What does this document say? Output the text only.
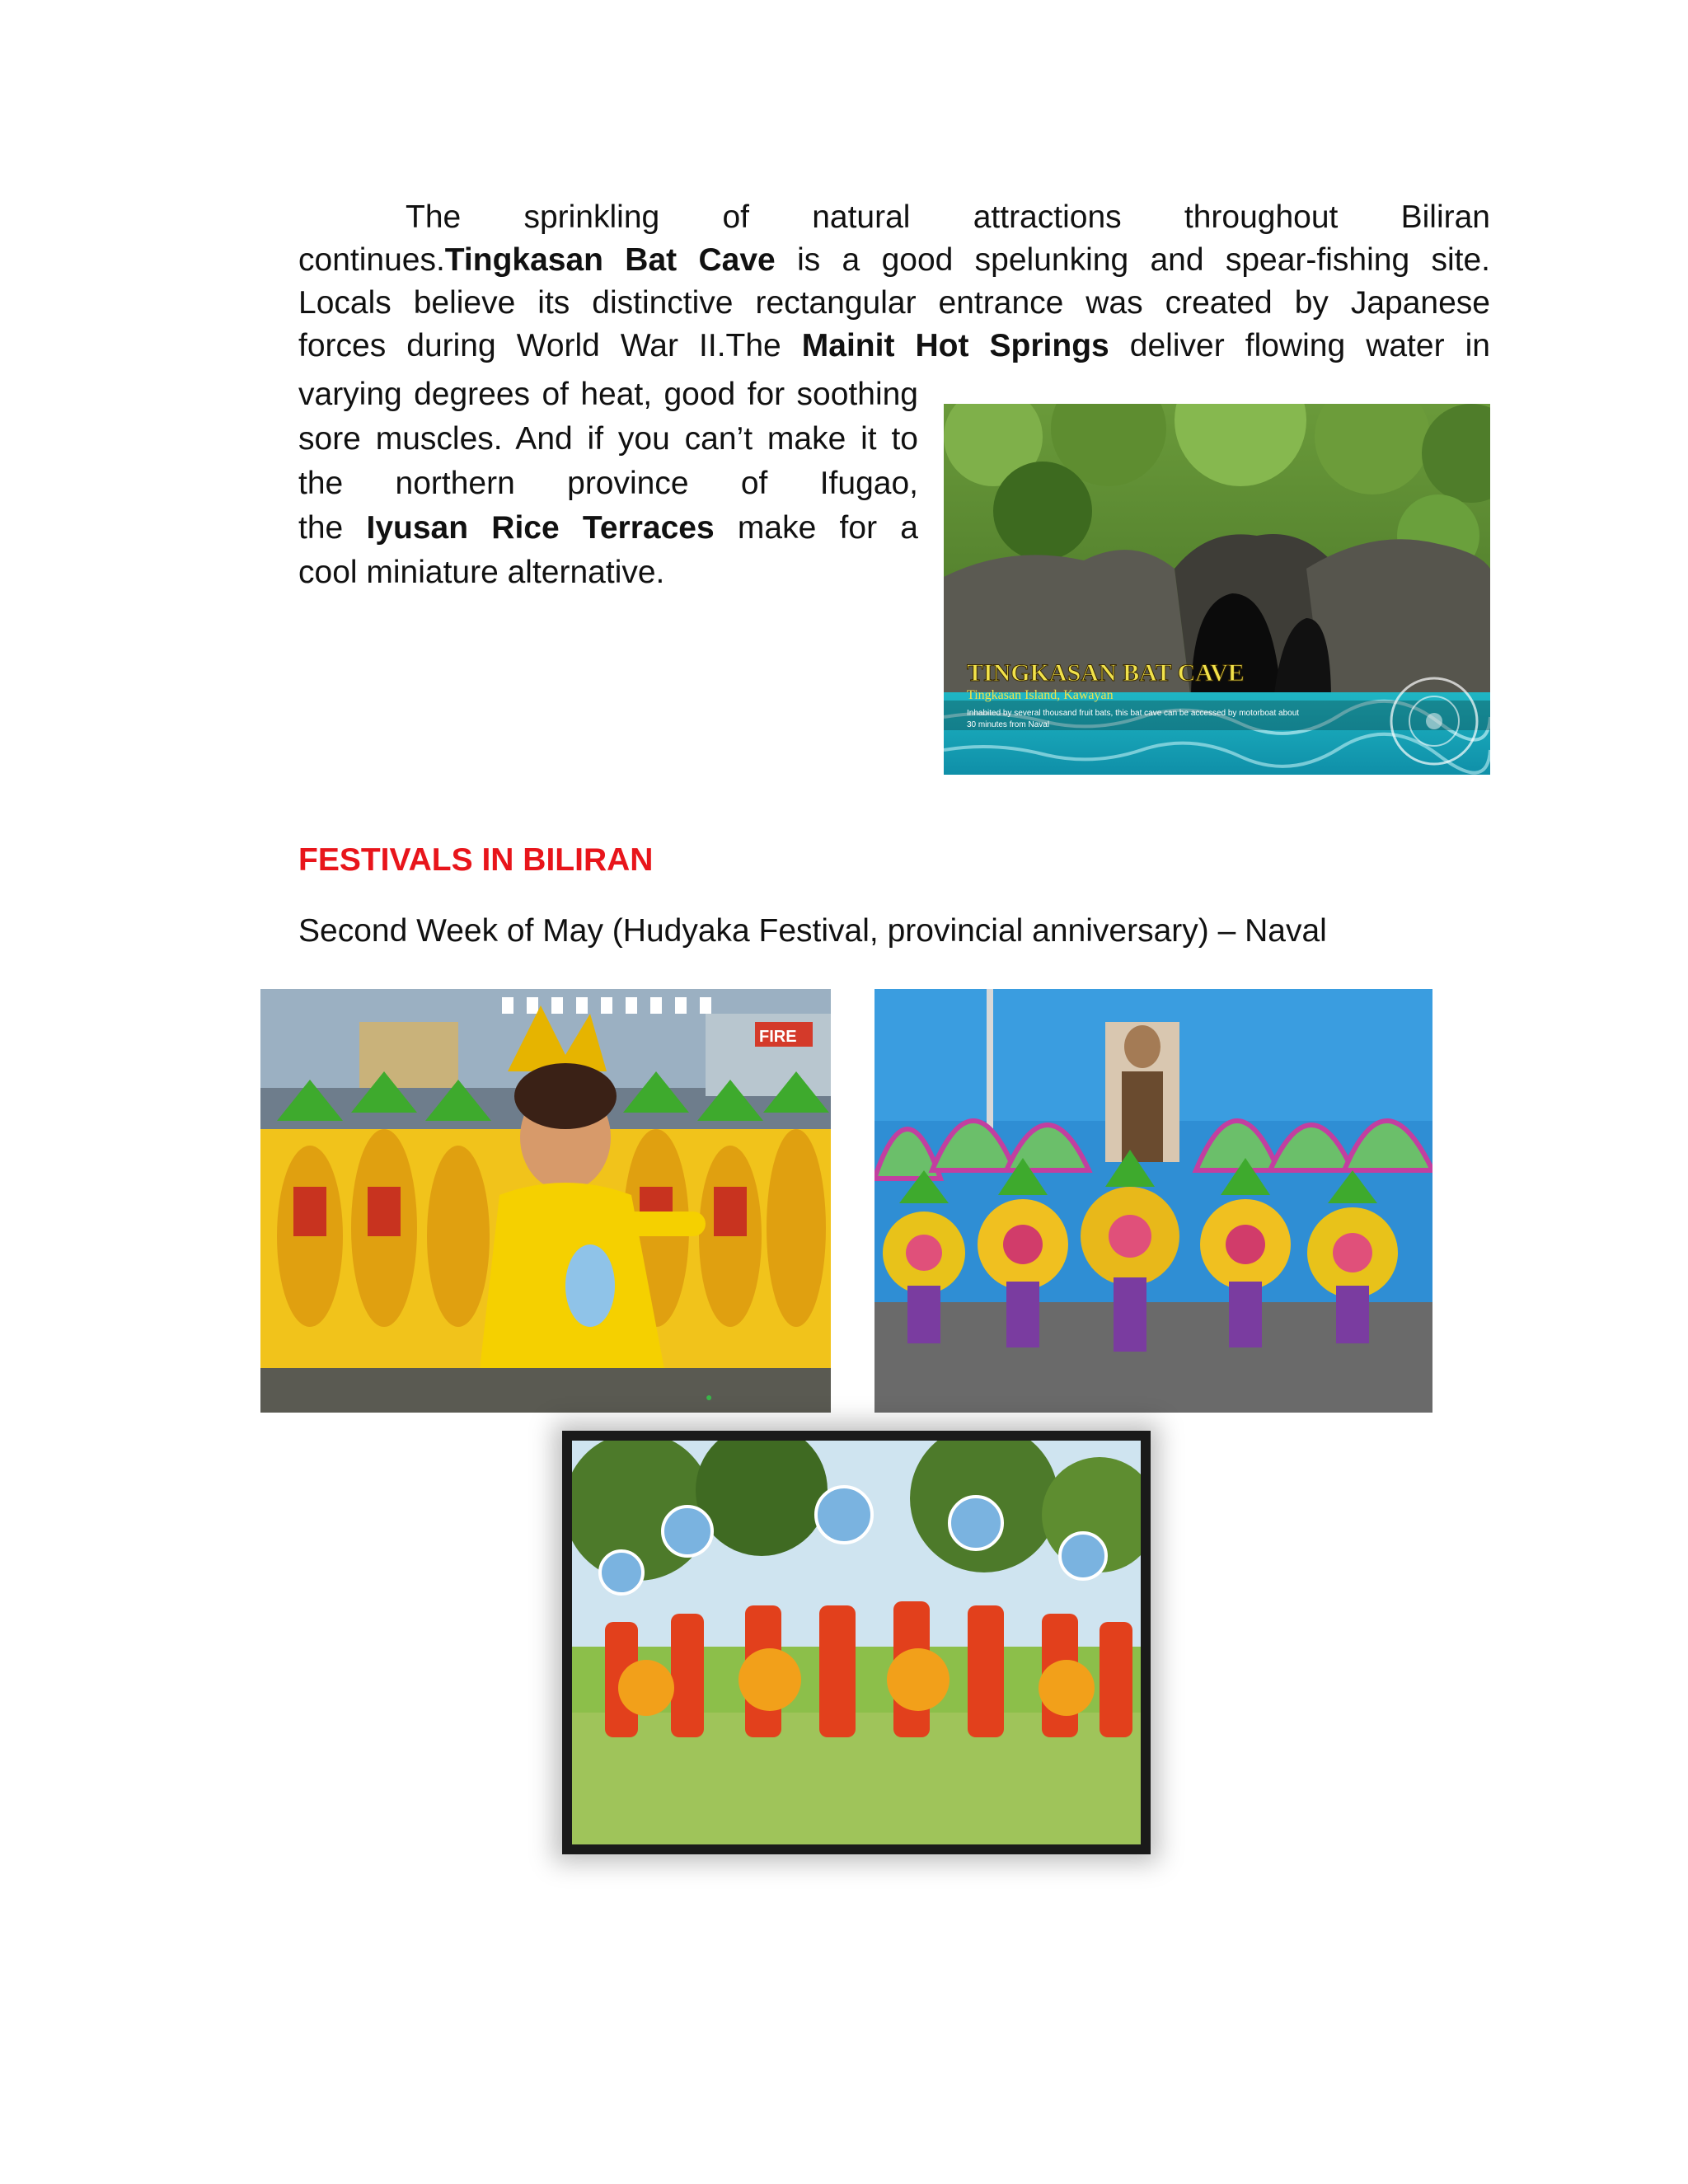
The sprinkling of natural attractions throughout Biliran
continues.Tingkasan Bat Cave is a good spelunking and spear-fishing site.
Locals believe its distinctive rectangular entrance was created by Japanese
forces during World War II.The Mainit Hot Springs deliver flowing water in
varying degrees of heat, good for soothing
sore muscles. And if you can’t make it to
the northern province of Ifugao,
the Iyusan Rice Terraces make for a
cool miniature alternative.
TINGKASAN BAT CAVE
Tingkasan Island, Kawayan
Inhabited by several thousand fruit bats, this bat cave can be accessed by motorboat about
30 minutes from Naval
FESTIVALS IN BILIRAN
Second Week of May (Hudyaka Festival, provincial anniversary) – Naval
FIRE
●
